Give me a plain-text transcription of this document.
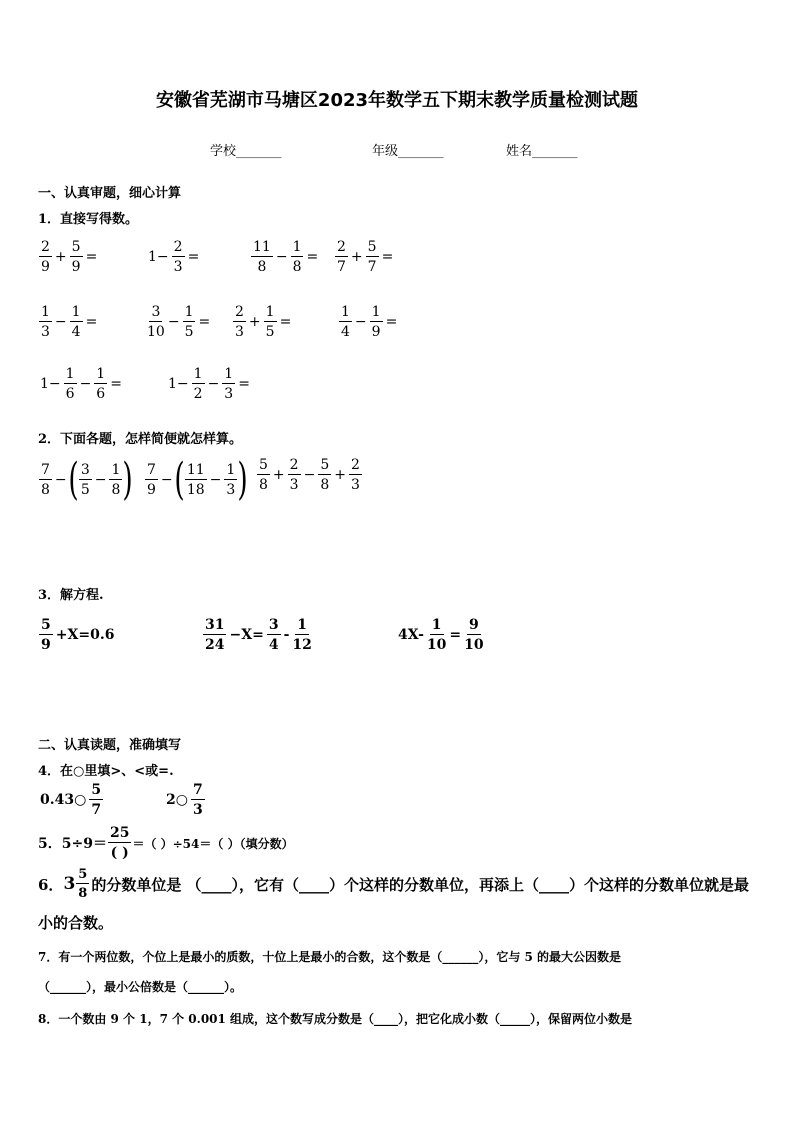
安徽省芜湖市马塘区2023年数学五下期末教学质量检测试题
学校_______	年级_______	姓名_______
一、认真审题，细心计算
1．直接写得数。
2．下面各题，怎样简便就怎样算。
3．解方程.
二、认真读题，准确填写
4．在○里填>、<或=.
5．$5\div 9= \frac{25}{( )}$ ＝（ ）÷54＝（ ）（填分数）
6． $3 \frac{5}{8}$ 的分数单位是 （____），它有（____）个这样的分数单位，再添上（____）个这样的分数单位就是最
小的合数。
7．有一个两位数，个位上是最小的质数，十位上是最小的合数，这个数是（______），它与 5 的最大公因数是
（______），最小公倍数是（______）。
8．一个数由 9 个 1，7 个 0.001 组成，这个数写成分数是（____），把它化成小数（_____），保留两位小数是
$\frac{2}{9} + \frac{5}{9}$ =	$1- \frac{2}{3}$ =	$\frac{11}{8} - \frac{1}{8} = \frac{2}{7} + \frac{5}{7}$ =
$\frac{1}{3} - \frac{1}{4}$ =	$\frac{3}{10} - \frac{1}{5} = \frac{2}{3} + \frac{1}{5}$ =	$\frac{1}{4} - \frac{1}{9}$ =
$1- \frac{1}{6} - \frac{1}{6}$ =	$1- \frac{1}{2} - \frac{1}{3}$ =
$\frac{7}{8}$ − ( $\frac{3}{5} - \frac{1}{8}$ ) $\frac{7}{9}$ − ( $\frac{11}{18} - \frac{1}{3}$ ) $\frac{5}{8} + \frac{2}{3} - \frac{5}{8} + \frac{2}{3}$
$\frac{5}{9} +X=0.6$	$\frac{31}{24} -X= \frac{3}{4} - \frac{1}{12}$	$4X- \frac{1}{10} = \frac{9}{10}$
0.43○ $\frac{5}{7}$	2○ $\frac{7}{3}$
